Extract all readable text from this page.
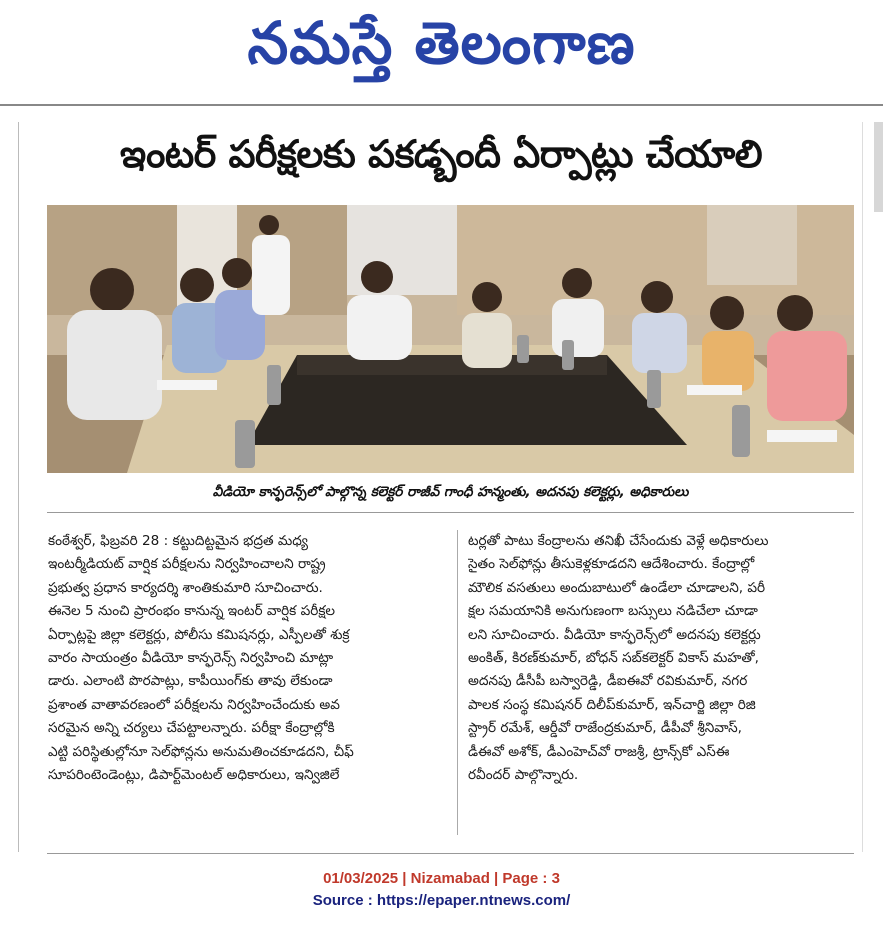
నమస్తే తెలంగాణ
ఇంటర్ పరీక్షలకు పకడ్బందీ ఏర్పాట్లు చేయాలి
వీడియో కాన్ఫరెన్స్‌లో పాల్గొన్న కలెక్టర్ రాజీవ్ గాంధీ హన్మంతు, అదనపు కలెక్టర్లు, అధికారులు
కంఠేశ్వర్, ఫిబ్రవరి 28 : కట్టుదిట్టమైన భద్రత మధ్య
ఇంటర్మీడియట్ వార్షిక పరీక్షలను నిర్వహించాలని రాష్ట్ర
ప్రభుత్వ ప్రధాన కార్యదర్శి శాంతికుమారి సూచించారు.
ఈనెల 5 నుంచి ప్రారంభం కానున్న ఇంటర్ వార్షిక పరీక్షల
ఏర్పాట్లపై జిల్లా కలెక్టర్లు, పోలీసు కమిషనర్లు, ఎస్పీలతో శుక్ర
వారం సాయంత్రం వీడియో కాన్ఫరెన్స్ నిర్వహించి మాట్లా
డారు. ఎలాంటి పొరపాట్లు, కాపీయింగ్‌కు తావు లేకుండా
ప్రశాంత వాతావరణంలో పరీక్షలను నిర్వహించేందుకు అవ
సరమైన అన్ని చర్యలు చేపట్టాలన్నారు. పరీక్షా కేంద్రాల్లోకి
ఎట్టి పరిస్థితుల్లోనూ సెల్‌ఫోన్లను అనుమతించకూడదని, చీఫ్
సూపరింటెండెంట్లు, డిపార్ట్‌మెంటల్ అధికారులు, ఇన్విజిలే
టర్లతో పాటు కేంద్రాలను తనిఖీ చేసేందుకు వెళ్లే అధికారులు
సైతం సెల్‌ఫోన్లు తీసుకెళ్లకూడదని ఆదేశించారు. కేంద్రాల్లో
మౌలిక వసతులు అందుబాటులో ఉండేలా చూడాలని, పరీ
క్షల సమయానికి అనుగుణంగా బస్సులు నడిచేలా చూడా
లని సూచించారు. వీడియో కాన్ఫరెన్స్‌లో అదనపు కలెక్టర్లు
అంకిత్, కిరణ్‌కుమార్, బోధన్ సబ్‌కలెక్టర్ వికాస్ మహతో,
అదనపు డీసీపీ బస్వారెడ్డి, డీఐఈవో రవికుమార్, నగర
పాలక సంస్థ కమిషనర్ దిలీప్‌కుమార్, ఇన్‌చార్జి జిల్లా రిజి
స్ట్రార్ రమేశ్, ఆర్డీవో రాజేంద్రకుమార్, డీపీవో శ్రీనివాస్,
డీఈవో అశోక్, డీఎంహెచ్‌వో రాజశ్రీ, ట్రాన్స్‌కో ఎస్ఈ
రవీందర్ పాల్గొన్నారు.
01/03/2025 | Nizamabad | Page : 3
Source : https://epaper.ntnews.com/
